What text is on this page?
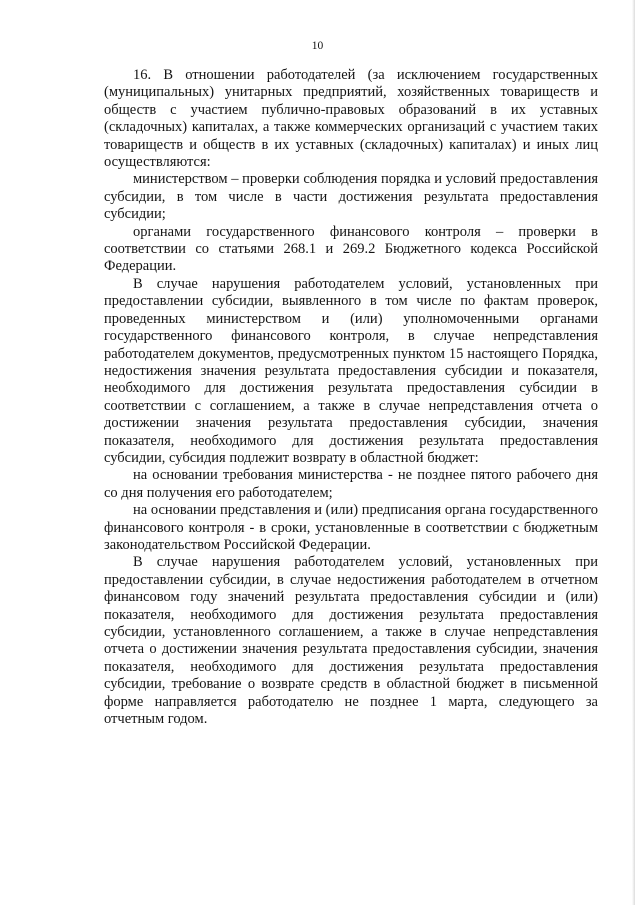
10

16. В отношении работодателей (за исключением государственных (муниципальных) унитарных предприятий, хозяйственных товариществ и обществ с участием публично-правовых образований в их уставных (складочных) капиталах, а также коммерческих организаций с участием таких товариществ и обществ в их уставных (складочных) капиталах) и иных лиц осуществляются:

министерством – проверки соблюдения порядка и условий предоставления субсидии, в том числе в части достижения результата предоставления субсидии;

органами государственного финансового контроля – проверки в соответствии со статьями 268.1 и 269.2 Бюджетного кодекса Российской Федерации.

В случае нарушения работодателем условий, установленных при предоставлении субсидии, выявленного в том числе по фактам проверок, проведенных министерством и (или) уполномоченными органами государственного финансового контроля, в случае непредставления работодателем документов, предусмотренных пунктом 15 настоящего Порядка, недостижения значения результата предоставления субсидии и показателя, необходимого для достижения результата предоставления субсидии в соответствии с соглашением, а также в случае непредставления отчета о достижении значения результата предоставления субсидии, значения показателя, необходимого для достижения результата предоставления субсидии, субсидия подлежит возврату в областной бюджет:

на основании требования министерства - не позднее пятого рабочего дня со дня получения его работодателем;

на основании представления и (или) предписания органа государственного финансового контроля - в сроки, установленные в соответствии с бюджетным законодательством Российской Федерации.

В случае нарушения работодателем условий, установленных при предоставлении субсидии, в случае недостижения работодателем в отчетном финансовом году значений результата предоставления субсидии и (или) показателя, необходимого для достижения результата предоставления субсидии, установленного соглашением, а также в случае непредставления отчета о достижении значения результата предоставления субсидии, значения показателя, необходимого для достижения результата предоставления субсидии, требование о возврате средств в областной бюджет в письменной форме направляется работодателю не позднее 1 марта, следующего за отчетным годом.
